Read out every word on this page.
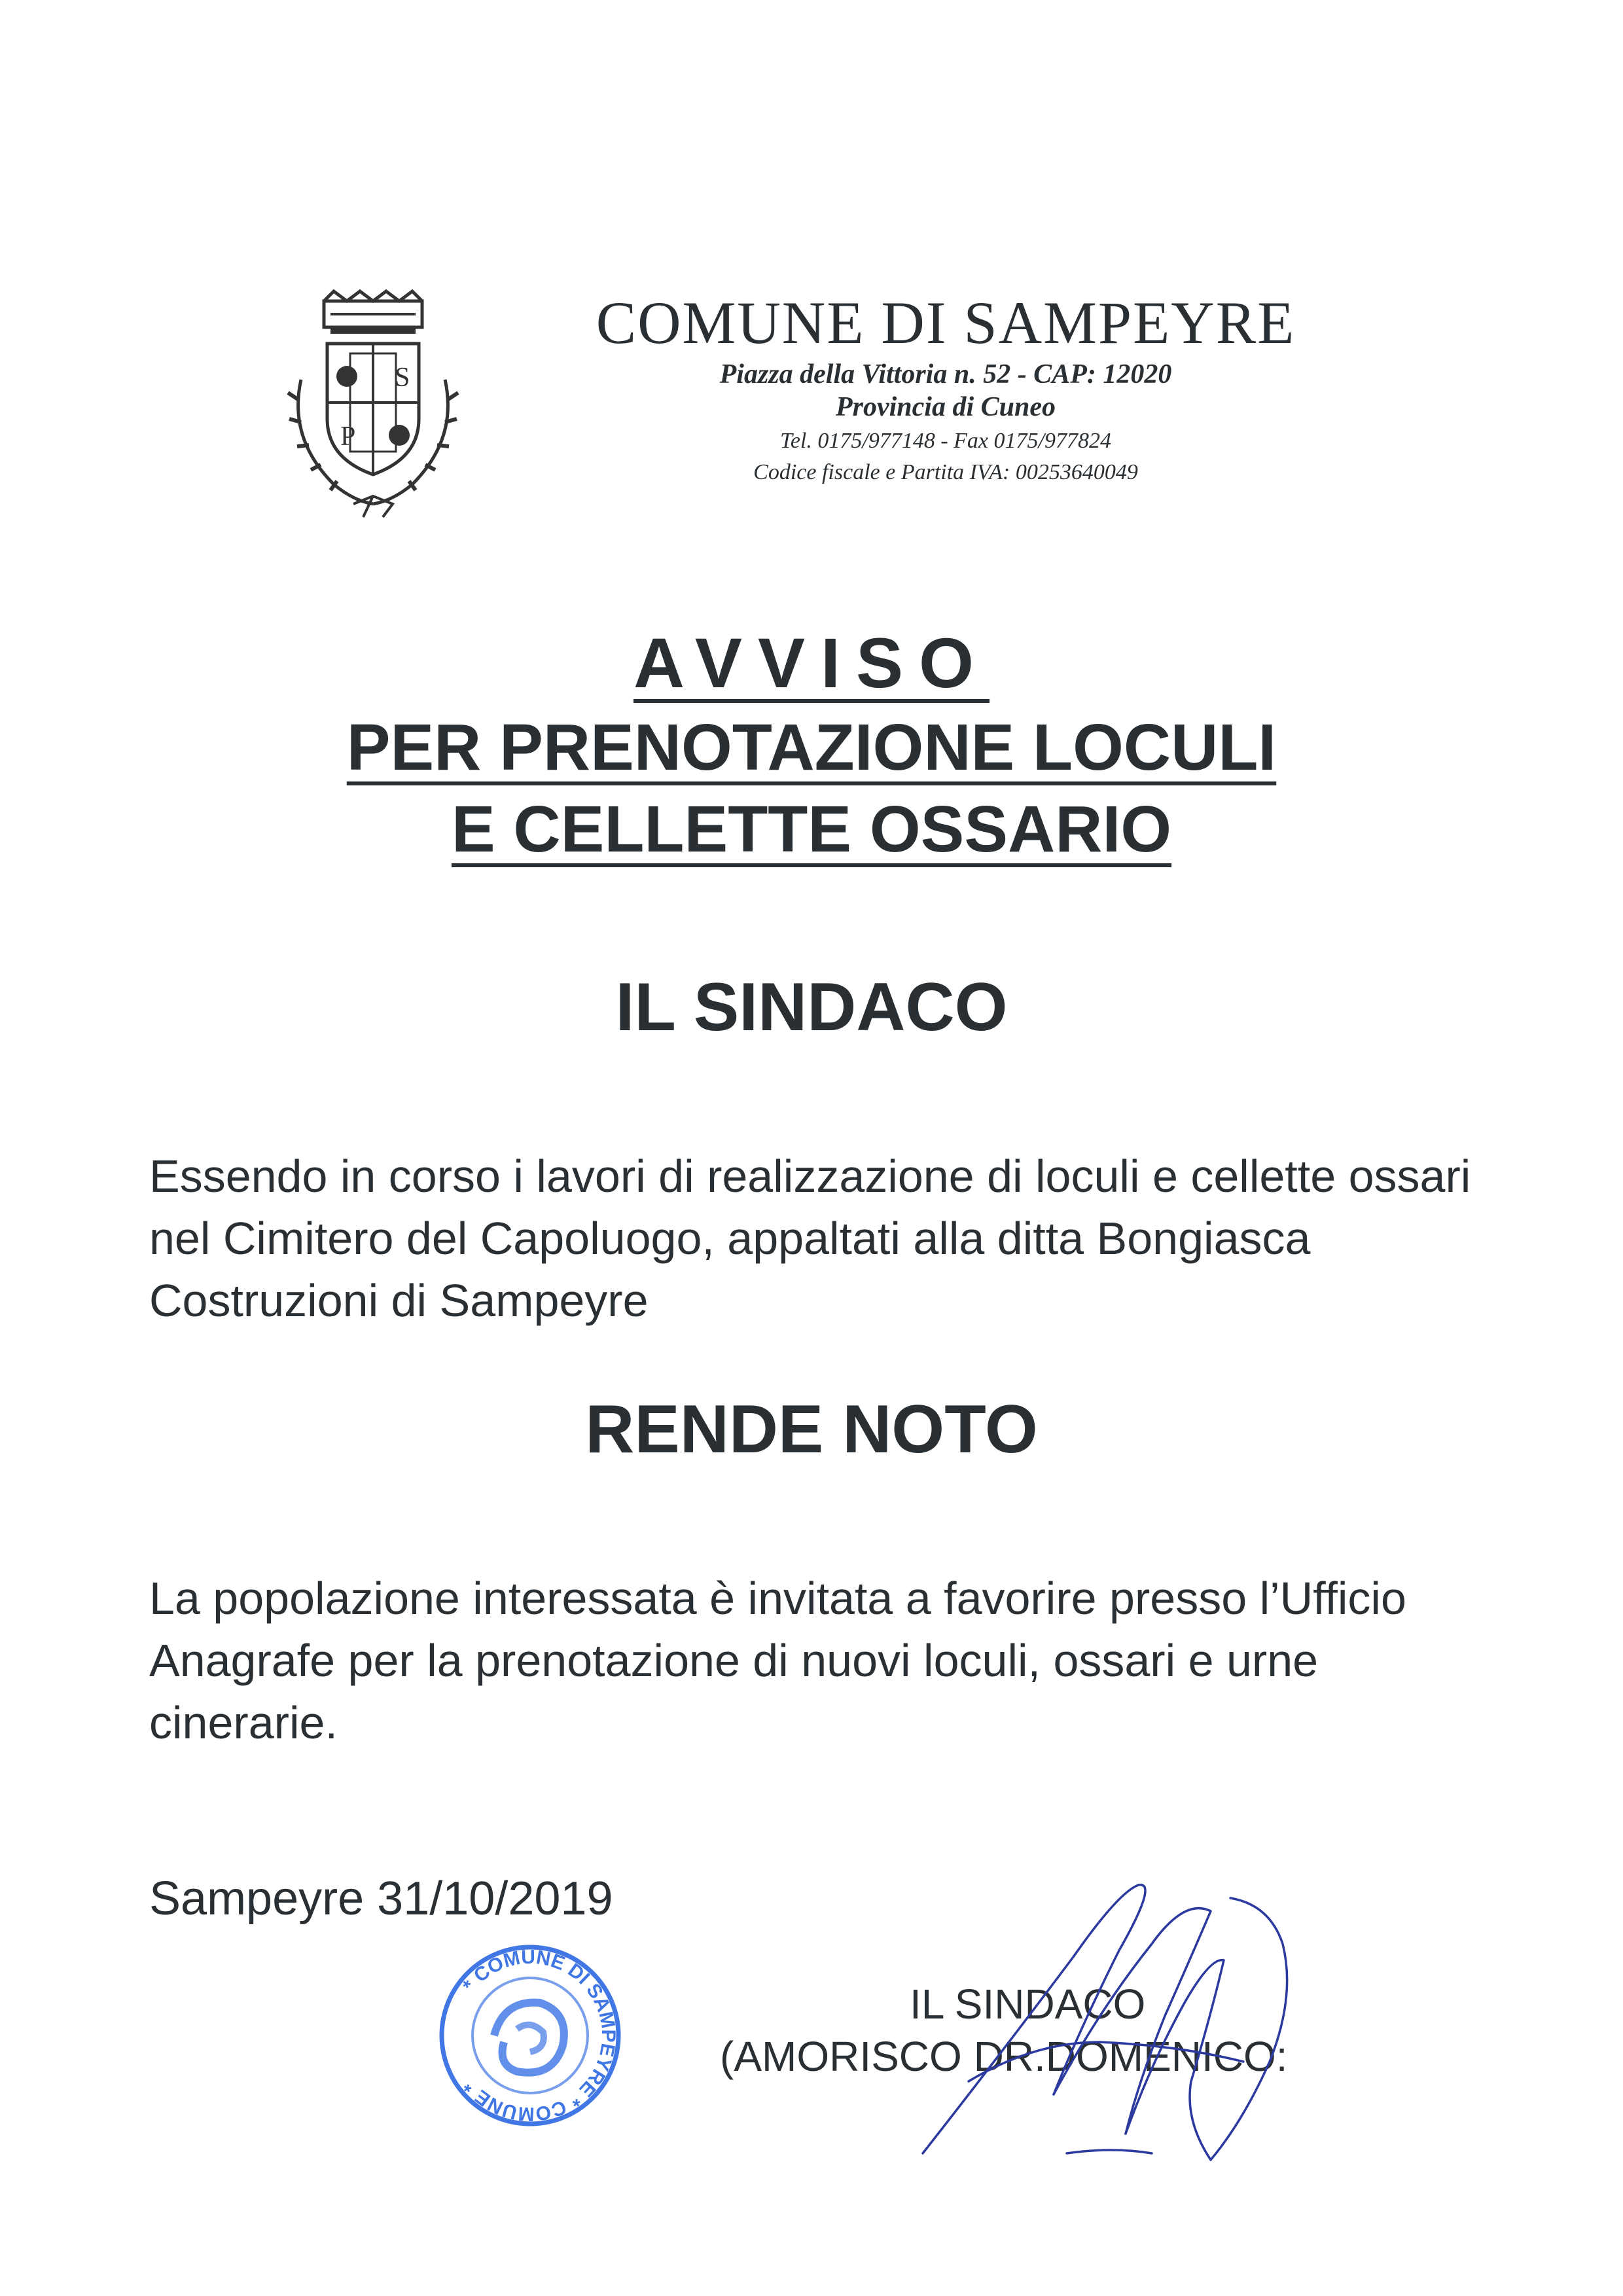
S
P
COMUNE DI SAMPEYRE
Piazza della Vittoria n. 52 - CAP: 12020
Provincia di Cuneo
Tel. 0175/977148 - Fax 0175/977824
Codice fiscale e Partita IVA: 00253640049
AVVISO
PER PRENOTAZIONE LOCULI
E CELLETTE OSSARIO
IL SINDACO
Essendo in corso i lavori di realizzazione di loculi e cellette ossari nel Cimitero del Capoluogo, appaltati alla ditta Bongiasca Costruzioni di Sampeyre
RENDE NOTO
La popolazione interessata è invitata a favorire presso l’Ufficio Anagrafe per la prenotazione di nuovi loculi, ossari e urne cinerarie.
Sampeyre 31/10/2019
* COMUNE DI SAMPEYRE * COMUNE *
IL SINDACO
(AMORISCO DR.DOMENICO:
